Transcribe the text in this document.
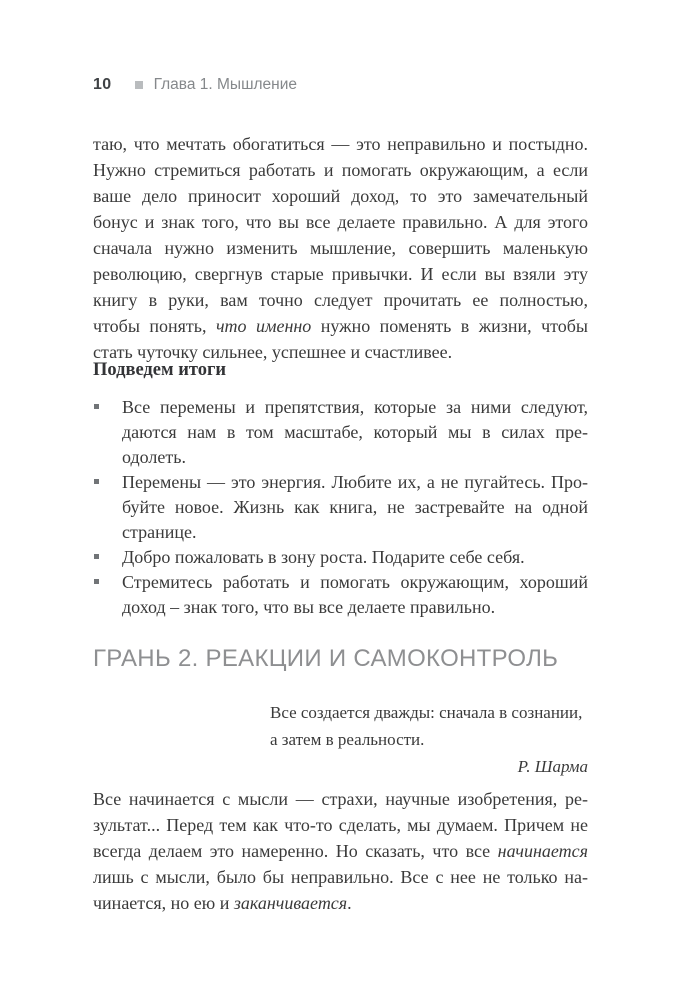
10	Глава 1. Мышление
таю, что мечтать обогатиться — это неправильно и постыдно.
Нужно стремиться работать и помогать окружающим, а если
ваше дело приносит хороший доход, то это замечательный
бонус и знак того, что вы все делаете правильно. А для этого
сначала нужно изменить мышление, совершить маленькую
революцию, свергнув старые привычки. И если вы взяли эту
книгу в руки, вам точно следует прочитать ее полностью,
чтобы понять, что именно нужно поменять в жизни, чтобы
стать чуточку сильнее, успешнее и счастливее.
Подведем итоги
Все перемены и препятствия, которые за ними следуют,
даются нам в том масштабе, который мы в силах пре-
одолеть.
Перемены — это энергия. Любите их, а не пугайтесь. Про-
буйте новое. Жизнь как книга, не застревайте на одной
странице.
Добро пожаловать в зону роста. Подарите себе себя.
Стремитесь работать и помогать окружающим, хороший
доход – знак того, что вы все делаете правильно.
ГРАНЬ 2. РЕАКЦИИ И САМОКОНТРОЛЬ
Все создается дважды: сначала в сознании,
а затем в реальности.
Р. Шарма
Все начинается с мысли — страхи, научные изобретения, ре-
зультат... Перед тем как что-то сделать, мы думаем. Причем не
всегда делаем это намеренно. Но сказать, что все начинается
лишь с мысли, было бы неправильно. Все с нее не только на-
чинается, но ею и заканчивается.
